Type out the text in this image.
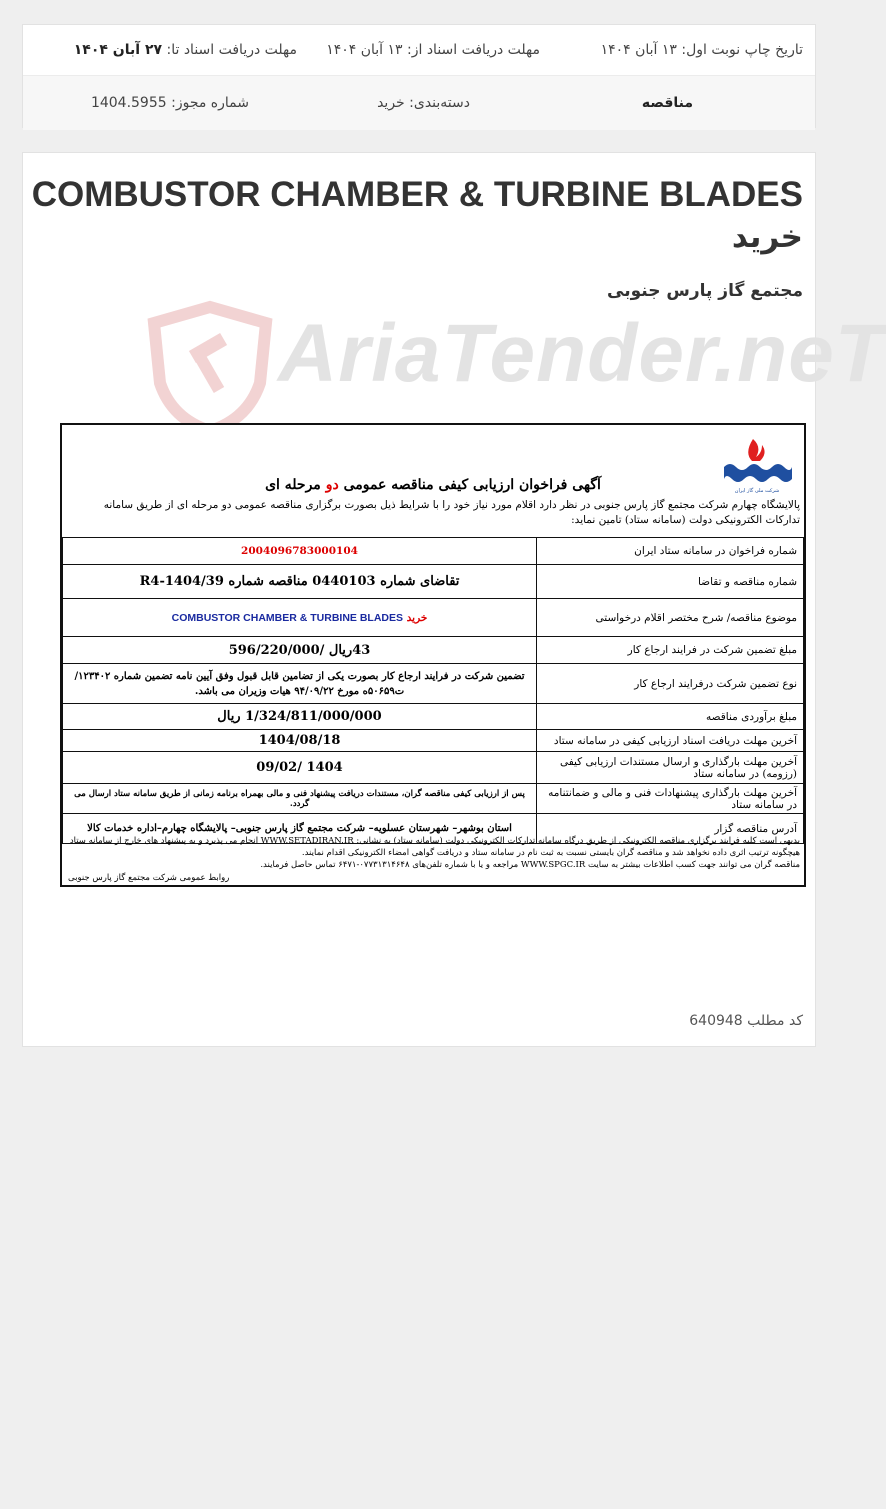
تاریخ چاپ نوبت اول:

۱۳ آبان ۱۴۰۴
مهلت دریافت اسناد از:

۱۳ آبان ۱۴۰۴
مهلت دریافت اسناد تا:

۲۷ آبان ۱۴۰۴
مناقصه
دسته‌بندی:

خرید
شماره مجوز:

1404.5955
COMBUSTOR CHAMBER & TURBINE BLADES
خرید
مجتمع گاز پارس جنوبی
AriaTender.neT
شرکت ملی گاز ایران
آگهی فراخوان ارزیابی کیفی مناقصه عمومی دو مرحله ای
پالایشگاه چهارم شرکت مجتمع گاز پارس جنوبی در نظر دارد اقلام مورد نیاز خود را با شرایط ذیل بصورت برگزاری مناقصه عمومی دو مرحله ای از طریق سامانه تدارکات الکترونیکی دولت (سامانه ستاد) تامین نماید:
شماره فراخوان در سامانه ستاد ایران	2004096783000104
شماره مناقصه و تقاضا	تقاضای شماره 0440103 مناقصه شماره R4-1404/39
موضوع مناقصه/ شرح مختصر اقلام درخواستی	خرید COMBUSTOR CHAMBER & TURBINE BLADES
مبلغ تضمین شرکت در فرایند ارجاع کار	43ریال /596/220/000
نوع تضمین شرکت درفرایند ارجاع کار	تضمین شرکت در فرایند ارجاع کار بصورت یکی از تضامین قابل قبول وفق آیین نامه تضمین شماره ۱۲۳۴۰۲/ت۵۰۶۵۹ه مورخ ۹۴/۰۹/۲۲ هیات وزیران می باشد.
مبلغ برآوردی مناقصه	1/324/811/000/000 ریال
آخرین مهلت دریافت اسناد ارزیابی کیفی در سامانه ستاد	1404/08/18
آخرین مهلت بارگذاری و ارسال مستندات ارزیابی کیفی (رزومه) در سامانه ستاد	1404 /09/02
آخرین مهلت بارگذاری پیشنهادات فنی و مالی و ضمانتنامه در سامانه ستاد	پس از ارزیابی کیفی مناقصه گران، مستندات دریافت پیشنهاد فنی و مالی بهمراه برنامه زمانی از طریق سامانه ستاد ارسال می گردد.
آدرس مناقصه گزار	استان بوشهر– شهرستان عسلویه– شرکت مجتمع گاز پارس جنوبی– پالایشگاه چهارم–اداره خدمات کالا
بدیهی است کلیه فرایند برگزاری مناقصه الکترونیکی از طریق درگاه سامانه تدارکات الکترونیکی دولت (سامانه ستاد) به نشانی: WWW.SETADIRAN.IR انجام می پذیرد و به پیشنهاد های خارج از سامانه ستاد هیچگونه ترتیب اثری داده نخواهد شد و مناقصه گران بایستی نسبت به ثبت نام در سامانه ستاد و دریافت گواهی امضاء الکترونیکی اقدام نمایند.
مناقصه گران می توانند جهت کسب اطلاعات بیشتر به سایت WWW.SPGC.IR مراجعه و یا با شماره تلفن‌های ۰۷۷۳۱۳۱۴۶۴۸-۶۴۷۱ تماس حاصل فرمایند.
روابط عمومی شرکت مجتمع گاز پارس جنوبی
کد مطلب 640948
